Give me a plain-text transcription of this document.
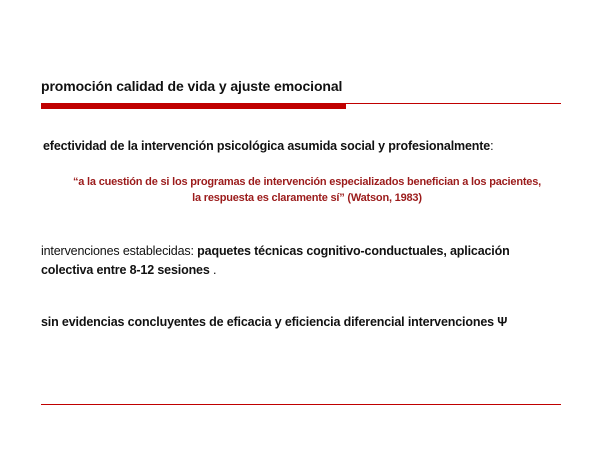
promoción calidad de vida y ajuste emocional
efectividad de la intervención psicológica asumida social y profesionalmente:
“a la cuestión de si los programas de intervención especializados benefician a los pacientes,
la respuesta es claramente sí” (Watson, 1983)
intervenciones establecidas: paquetes técnicas cognitivo-conductuales, aplicación
colectiva entre 8-12 sesiones .
sin evidencias concluyentes de eficacia y eficiencia diferencial intervenciones Ψ
